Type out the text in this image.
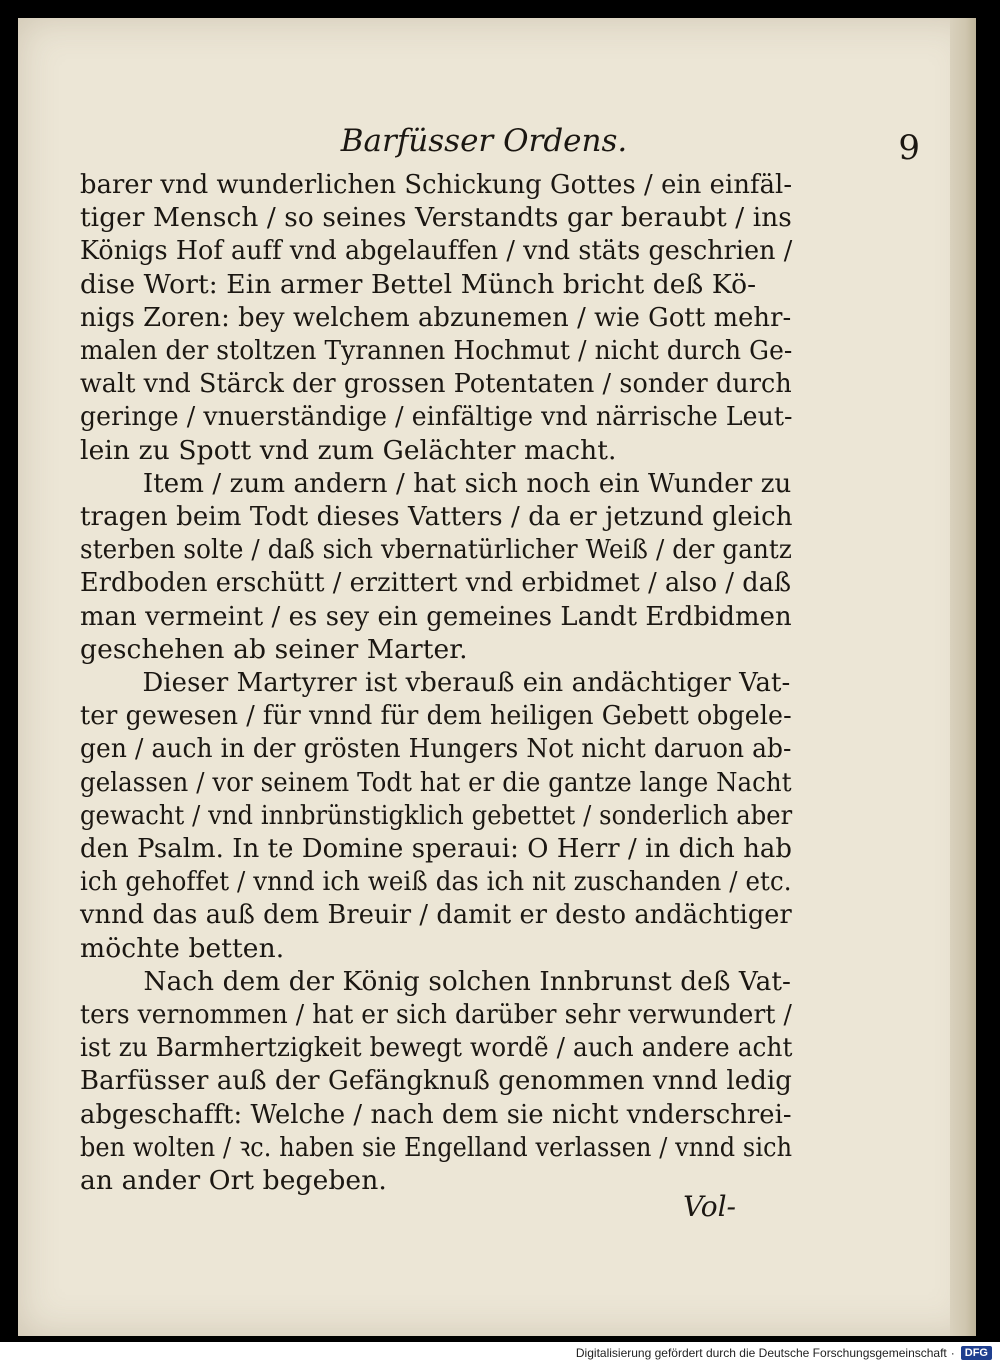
Barfüsser Ordens.	9

barer vnd wunderlichen Schickung Gottes / ein einfäl-
tiger Mensch / so seines Verstandts gar beraubt / ins
Königs Hof auff vnd abgelauffen / vnd stäts geschrien /
dise Wort: Ein armer Bettel Münch bricht deß Kö-
nigs Zoren: bey welchem abzunemen / wie Gott mehr-
malen der stoltzen Tyrannen Hochmut / nicht durch Ge-
walt vnd Stärck der grossen Potentaten / sonder durch
geringe / vnuerständige / einfältige vnd närrische Leut-
lein zu Spott vnd zum Gelächter macht.

Item / zum andern / hat sich noch ein Wunder zu
tragen beim Todt dieses Vatters / da er jetzund gleich
sterben solte / daß sich vbernatürlicher Weiß / der gantz
Erdboden erschütt / erzittert vnd erbidmet / also / daß
man vermeint / es sey ein gemeines Landt Erdbidmen
geschehen ab seiner Marter.

Dieser Martyrer ist vberauß ein andächtiger Vat-
ter gewesen / für vnnd für dem heiligen Gebett obgele-
gen / auch in der grösten Hungers Not nicht daruon ab-
gelassen / vor seinem Todt hat er die gantze lange Nacht
gewacht / vnd innbrünstigklich gebettet / sonderlich aber
den Psalm. In te Domine speraui: O Herr / in dich hab
ich gehoffet / vnnd ich weiß das ich nit zuschanden / etc.
vnnd das auß dem Breuir / damit er desto andächtiger
möchte betten.

Nach dem der König solchen Innbrunst deß Vat-
ters vernommen / hat er sich darüber sehr verwundert /
ist zu Barmhertzigkeit bewegt wordẽ / auch andere acht
Barfüsser auß der Gefängknuß genommen vnnd ledig
abgeschafft: Welche / nach dem sie nicht vnderschrei-
ben wolten / ꝛc. haben sie Engelland verlassen / vnnd sich
an ander Ort begeben.

Vol-
Digitalisierung gefördert durch die Deutsche Forschungsgemeinschaft · DFG
